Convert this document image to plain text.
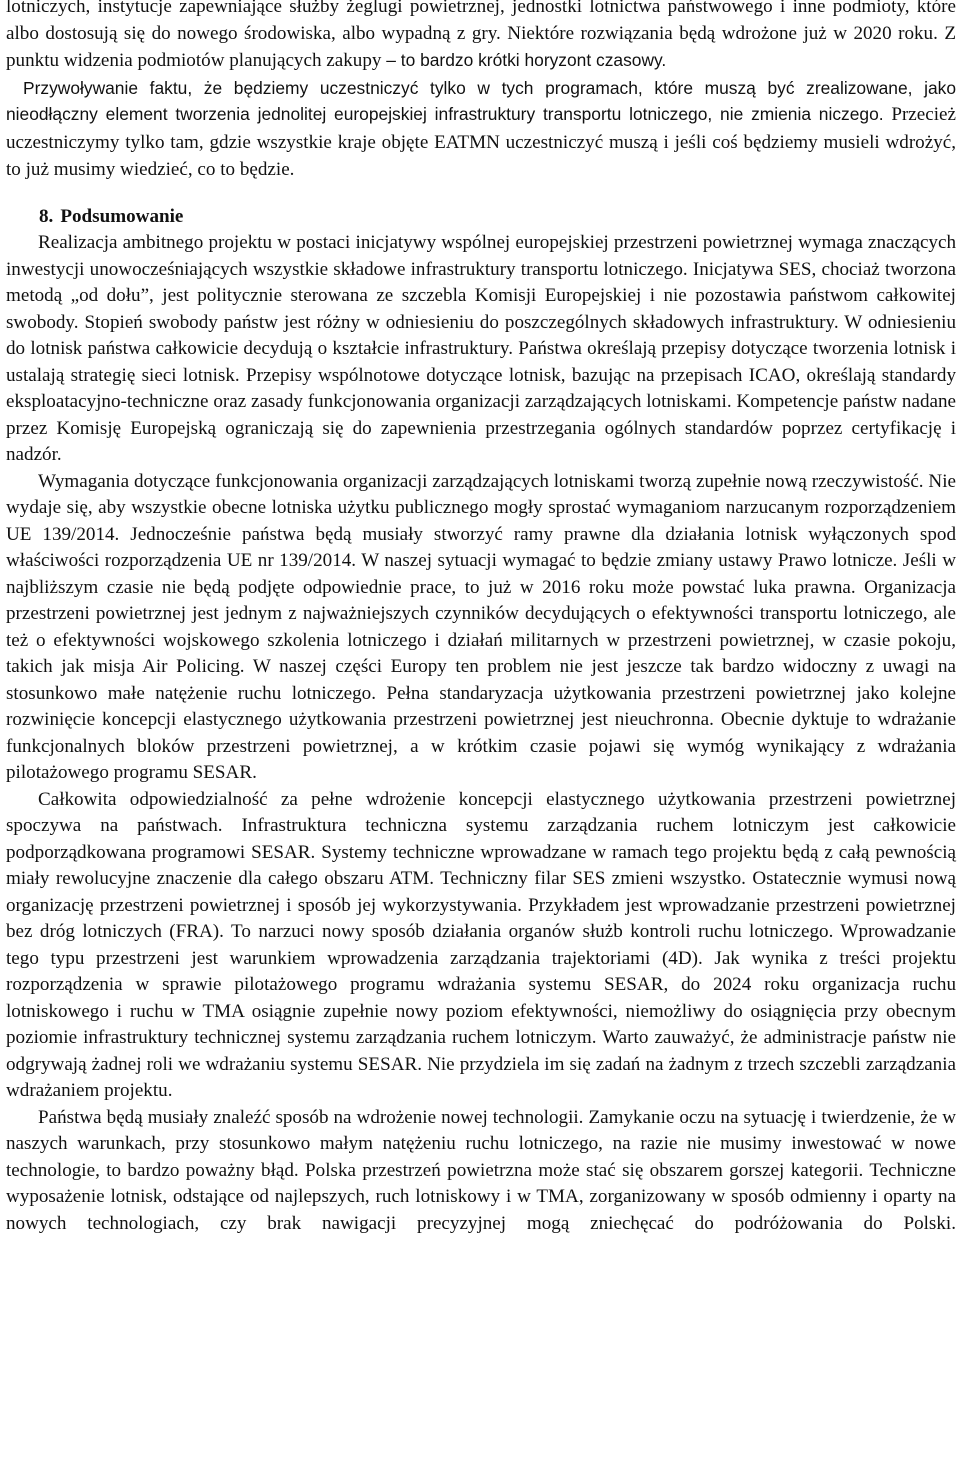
lotniczych, instytucje zapewniające służby żeglugi powietrznej, jednostki lotnictwa państwowego i inne podmioty, które albo dostosują się do nowego środowiska, albo wypadną z gry. Niektóre rozwiązania będą wdrożone już w 2020 roku. Z punktu widzenia podmiotów planujących zakupy – to bardzo krótki horyzont czasowy.

Przywoływanie faktu, że będziemy uczestniczyć tylko w tych programach, które muszą być zrealizowane, jako nieodłączny element tworzenia jednolitej europejskiej infrastruktury transportu lotniczego, nie zmienia niczego. Przecież uczestniczymy tylko tam, gdzie wszystkie kraje objęte EATMN uczestniczyć muszą i jeśli coś będziemy musieli wdrożyć, to już musimy wiedzieć, co to będzie.

8. Podsumowanie

Realizacja ambitnego projektu w postaci inicjatywy wspólnej europejskiej przestrzeni powietrznej wymaga znaczących inwestycji unowocześniających wszystkie składowe infrastruktury transportu lotniczego. Inicjatywa SES, chociaż tworzona metodą „od dołu”, jest politycznie sterowana ze szczebla Komisji Europejskiej i nie pozostawia państwom całkowitej swobody. Stopień swobody państw jest różny w odniesieniu do poszczególnych składowych infrastruktury. W odniesieniu do lotnisk państwa całkowicie decydują o kształcie infrastruktury. Państwa określają przepisy dotyczące tworzenia lotnisk i ustalają strategię sieci lotnisk. Przepisy wspólnotowe dotyczące lotnisk, bazując na przepisach ICAO, określają standardy eksploatacyjno-techniczne oraz zasady funkcjonowania organizacji zarządzających lotniskami. Kompetencje państw nadane przez Komisję Europejską ograniczają się do zapewnienia przestrzegania ogólnych standardów poprzez certyfikację i nadzór.

Wymagania dotyczące funkcjonowania organizacji zarządzających lotniskami tworzą zupełnie nową rzeczywistość. Nie wydaje się, aby wszystkie obecne lotniska użytku publicznego mogły sprostać wymaganiom narzucanym rozporządzeniem UE 139/2014. Jednocześnie państwa będą musiały stworzyć ramy prawne dla działania lotnisk wyłączonych spod właściwości rozporządzenia UE nr 139/2014. W naszej sytuacji wymagać to będzie zmiany ustawy Prawo lotnicze. Jeśli w najbliższym czasie nie będą podjęte odpowiednie prace, to już w 2016 roku może powstać luka prawna. Organizacja przestrzeni powietrznej jest jednym z najważniejszych czynników decydujących o efektywności transportu lotniczego, ale też o efektywności wojskowego szkolenia lotniczego i działań militarnych w przestrzeni powietrznej, w czasie pokoju, takich jak misja Air Policing. W naszej części Europy ten problem nie jest jeszcze tak bardzo widoczny z uwagi na stosunkowo małe natężenie ruchu lotniczego. Pełna standaryzacja użytkowania przestrzeni powietrznej jako kolejne rozwinięcie koncepcji elastycznego użytkowania przestrzeni powietrznej jest nieuchronna. Obecnie dyktuje to wdrażanie funkcjonalnych bloków przestrzeni powietrznej, a w krótkim czasie pojawi się wymóg wynikający z wdrażania pilotażowego programu SESAR.

Całkowita odpowiedzialność za pełne wdrożenie koncepcji elastycznego użytkowania przestrzeni powietrznej spoczywa na państwach. Infrastruktura techniczna systemu zarządzania ruchem lotniczym jest całkowicie podporządkowana programowi SESAR. Systemy techniczne wprowadzane w ramach tego projektu będą z całą pewnością miały rewolucyjne znaczenie dla całego obszaru ATM. Techniczny filar SES zmieni wszystko. Ostatecznie wymusi nową organizację przestrzeni powietrznej i sposób jej wykorzystywania. Przykładem jest wprowadzanie przestrzeni powietrznej bez dróg lotniczych (FRA). To narzuci nowy sposób działania organów służb kontroli ruchu lotniczego. Wprowadzanie tego typu przestrzeni jest warunkiem wprowadzenia zarządzania trajektoriami (4D). Jak wynika z treści projektu rozporządzenia w sprawie pilotażowego programu wdrażania systemu SESAR, do 2024 roku organizacja ruchu lotniskowego i ruchu w TMA osiągnie zupełnie nowy poziom efektywności, niemożliwy do osiągnięcia przy obecnym poziomie infrastruktury technicznej systemu zarządzania ruchem lotniczym. Warto zauważyć, że administracje państw nie odgrywają żadnej roli we wdrażaniu systemu SESAR. Nie przydziela im się zadań na żadnym z trzech szczebli zarządzania wdrażaniem projektu.

Państwa będą musiały znaleźć sposób na wdrożenie nowej technologii. Zamykanie oczu na sytuację i twierdzenie, że w naszych warunkach, przy stosunkowo małym natężeniu ruchu lotniczego, na razie nie musimy inwestować w nowe technologie, to bardzo poważny błąd. Polska przestrzeń powietrzna może stać się obszarem gorszej kategorii. Techniczne wyposażenie lotnisk, odstające od najlepszych, ruch lotniskowy i w TMA, zorganizowany w sposób odmienny i oparty na nowych technologiach, czy brak nawigacji precyzyjnej mogą zniechęcać do podróżowania do Polski.
